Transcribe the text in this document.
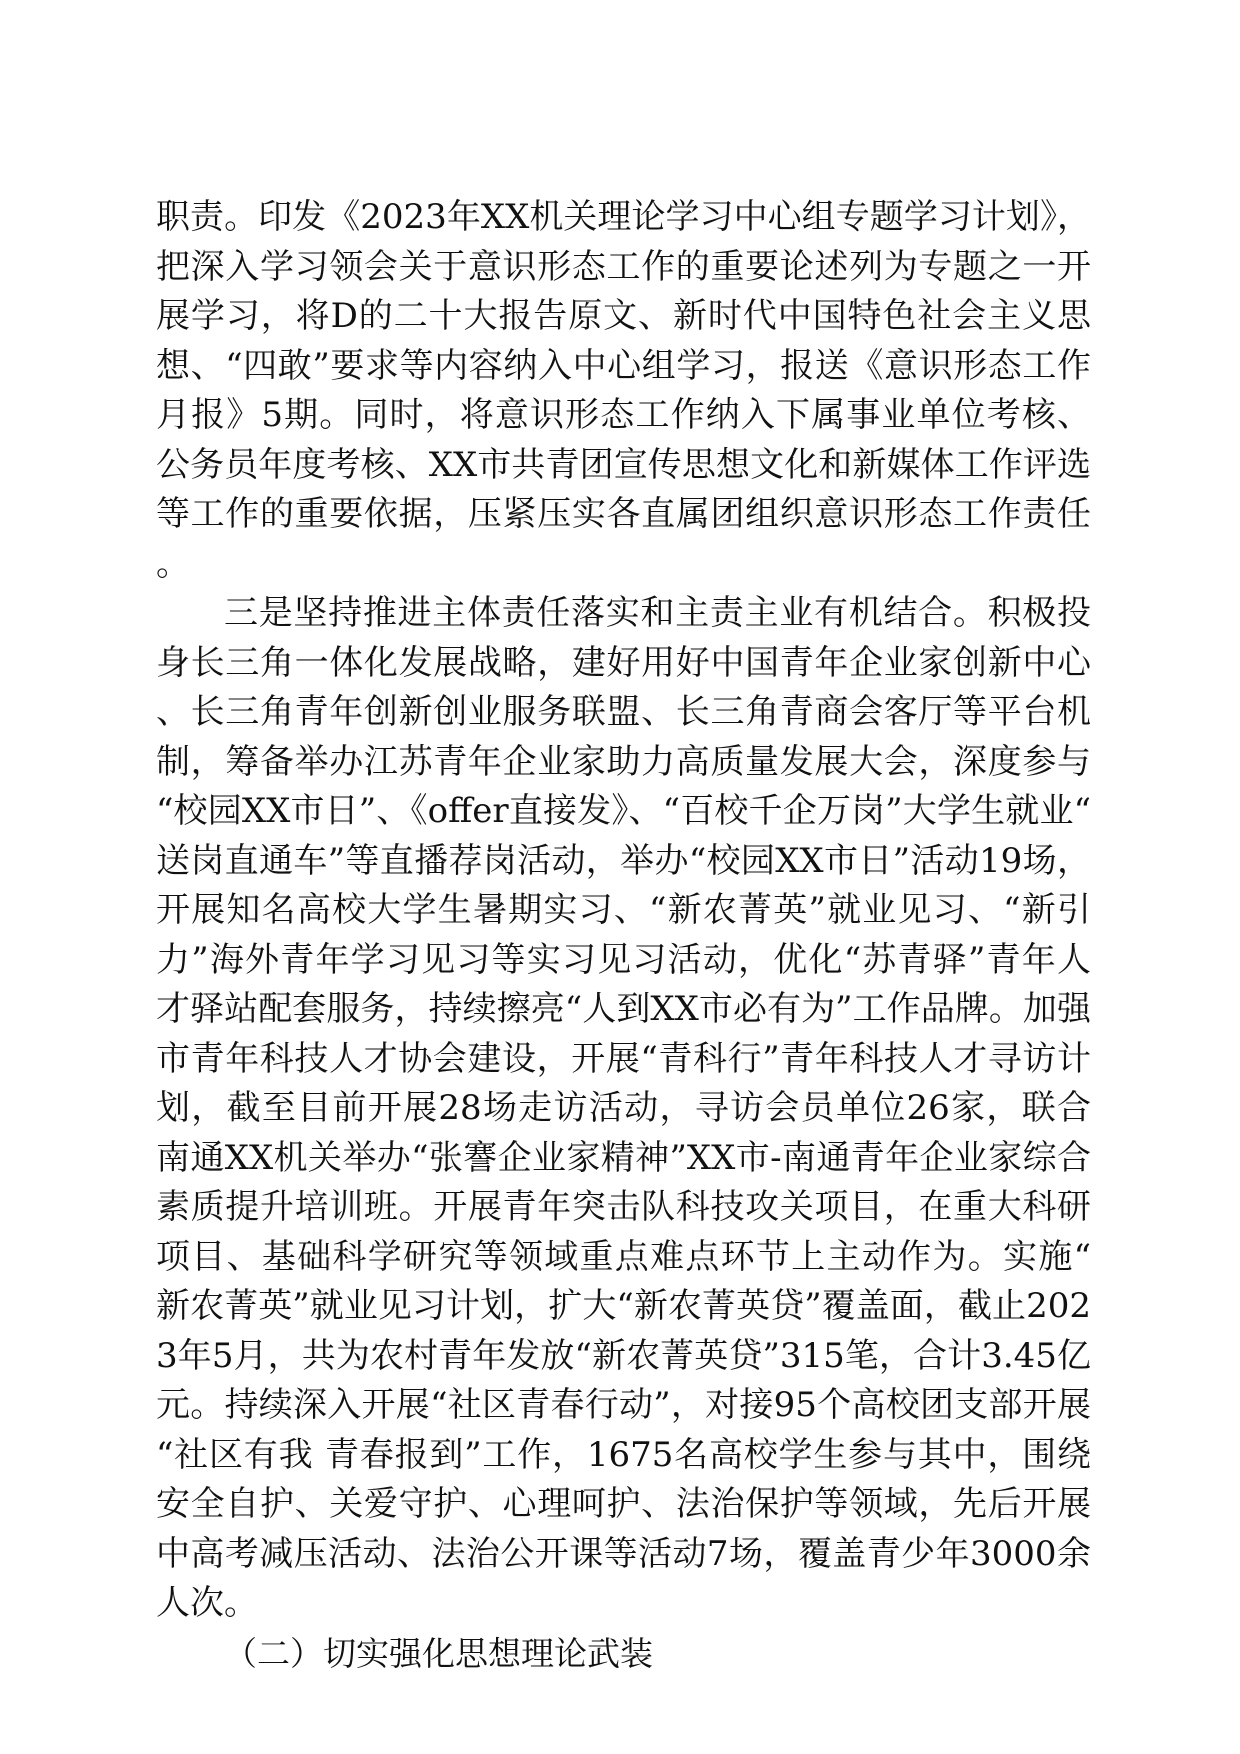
职责。印发《2023年XX机关理论学习中心组专题学习计划》，把深入学习领会关于意识形态工作的重要论述列为专题之一开展学习，将D的二十大报告原文、新时代中国特色社会主义思想、“四敢”要求等内容纳入中心组学习，报送《意识形态工作月报》5期。同时，将意识形态工作纳入下属事业单位考核、公务员年度考核、XX市共青团宣传思想文化和新媒体工作评选等工作的重要依据，压紧压实各直属团组织意识形态工作责任。

三是坚持推进主体责任落实和主责主业有机结合。积极投身长三角一体化发展战略，建好用好中国青年企业家创新中心、长三角青年创新创业服务联盟、长三角青商会客厅等平台机制，筹备举办江苏青年企业家助力高质量发展大会，深度参与“校园XX市日”、《offer直接发》、“百校千企万岗”大学生就业“送岗直通车”等直播荐岗活动，举办“校园XX市日”活动19场，开展知名高校大学生暑期实习、“新农菁英”就业见习、“新引力”海外青年学习见习等实习见习活动，优化“苏青驿”青年人才驿站配套服务，持续擦亮“人到XX市必有为”工作品牌。加强市青年科技人才协会建设，开展“青科行”青年科技人才寻访计划，截至目前开展28场走访活动，寻访会员单位26家，联合南通XX机关举办“张謇企业家精神”XX市-南通青年企业家综合素质提升培训班。开展青年突击队科技攻关项目，在重大科研项目、基础科学研究等领域重点难点环节上主动作为。实施“新农菁英”就业见习计划，扩大“新农菁英贷”覆盖面，截止2023年5月，共为农村青年发放“新农菁英贷”315笔，合计3.45亿元。持续深入开展“社区青春行动”，对接95个高校团支部开展“社区有我 青春报到”工作，1675名高校学生参与其中，围绕安全自护、关爱守护、心理呵护、法治保护等领域，先后开展中高考减压活动、法治公开课等活动7场，覆盖青少年3000余人次。

（二）切实强化思想理论武装
